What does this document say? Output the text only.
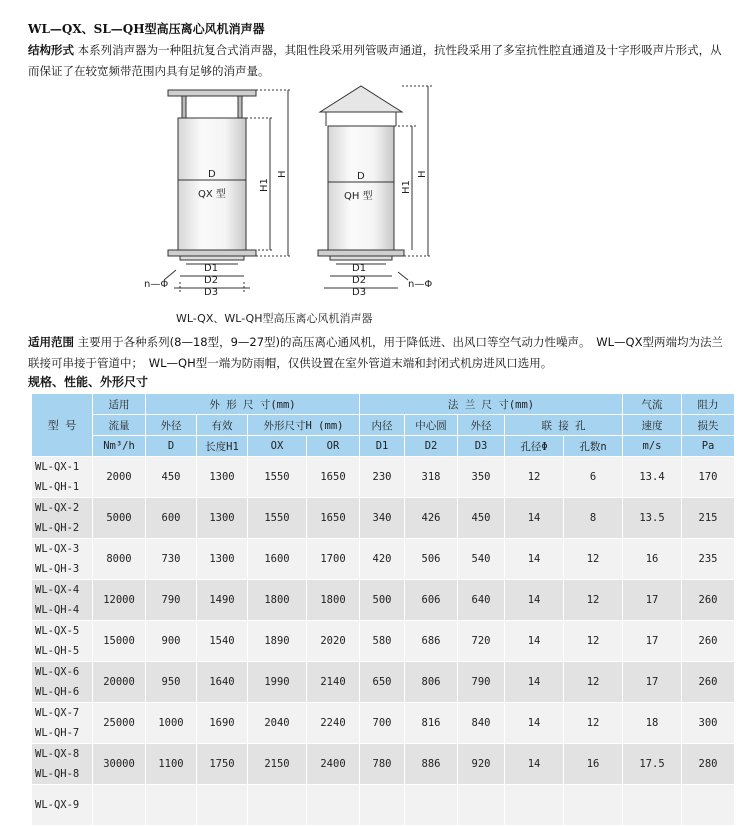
WL—QX、SL—QH型高压离心风机消声器
结构形式 本系列消声器为一种阻抗复合式消声器，其阻性段采用列管吸声通道，抗性段采用了多室抗性腔直通道及十字形吸声片形式，从而保证了在较宽频带范围内具有足够的消声量。
D
QX 型
D1
D2
D3
n—Φ
H1
H	D
QH 型
D1
D2
D3
n—Φ
H1
H
WL-QX、WL-QH型高压离心风机消声器
适用范围 主要用于各种系列(8—18型，9—27型)的高压离心通风机，用于降低进、出风口等空气动力性噪声。　WL—QX型两端均为法兰联接可串接于管道中；　WL—QH型一端为防雨帽，仅供设置在室外管道末端和封闭式机房进风口选用。
规格、性能、外形尺寸
型 号	适用	外 形 尺 寸(mm)				法 兰 尺 寸(mm)					气流	阻力
	流量	外径	有效	外形尺寸H (mm)		内径	中心圆	外径	联 接 孔		速度	损失
	Nm³/h	D	长度H1	OX	OR	D1	D2	D3	孔径Φ	孔数n	m/s	Pa

WL-QX-1
WL-QH-1	2000	450	1300	1550	1650	230	318	350	12	6	13.4	170

WL-QX-2
WL-QH-2	5000	600	1300	1550	1650	340	426	450	14	8	13.5	215

WL-QX-3
WL-QH-3	8000	730	1300	1600	1700	420	506	540	14	12	16	235

WL-QX-4
WL-QH-4	12000	790	1490	1800	1800	500	606	640	14	12	17	260

WL-QX-5
WL-QH-5	15000	900	1540	1890	2020	580	686	720	14	12	17	260

WL-QX-6
WL-QH-6	20000	950	1640	1990	2140	650	806	790	14	12	17	260

WL-QX-7
WL-QH-7	25000	1000	1690	2040	2240	700	816	840	14	12	18	300

WL-QX-8
WL-QH-8	30000	1100	1750	2150	2400	780	886	920	14	16	17.5	280

WL-QX-9												
